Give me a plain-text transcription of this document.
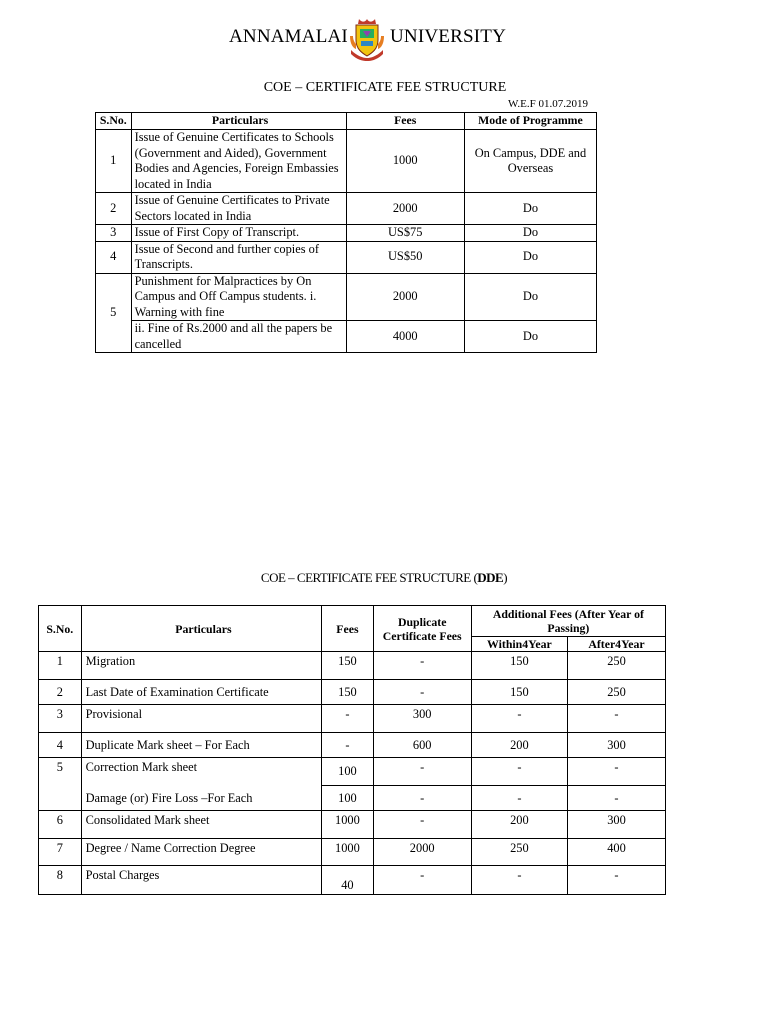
ANNAMALAI UNIVERSITY
COE – CERTIFICATE FEE STRUCTURE
W.E.F 01.07.2019
S.No.	Particulars	Fees	Mode of Programme
1	Issue of Genuine Certificates to Schools (Government and Aided), Government Bodies and Agencies, Foreign Embassies located in India	1000	On Campus, DDE and Overseas
2	Issue of Genuine Certificates to Private Sectors located in India	2000	Do
3	Issue of First Copy of Transcript.	US$75	Do
4	Issue of Second and further copies of Transcripts.	US$50	Do
5	Punishment for Malpractices by On Campus and Off Campus students. i. Warning with fine	2000	Do
	ii. Fine of Rs.2000 and all the papers be cancelled	4000	Do
COE – CERTIFICATE FEE STRUCTURE (DDE)
S.No.	Particulars	Fees	Duplicate Certificate Fees	Additional Fees (After Year of Passing)	
				Within4Year	After4Year
1	Migration	150	-	150	250
2	Last Date of Examination Certificate	150	-	150	250
3	Provisional	-	300	-	-
4	Duplicate Mark sheet – For Each	-	600	200	300
5	Correction Mark sheet	100	-	-	-
	Damage (or) Fire Loss –For Each	100	-	-	-
6	Consolidated Mark sheet	1000	-	200	300
7	Degree / Name Correction Degree	1000	2000	250	400
8	Postal Charges	40	-	-	-
